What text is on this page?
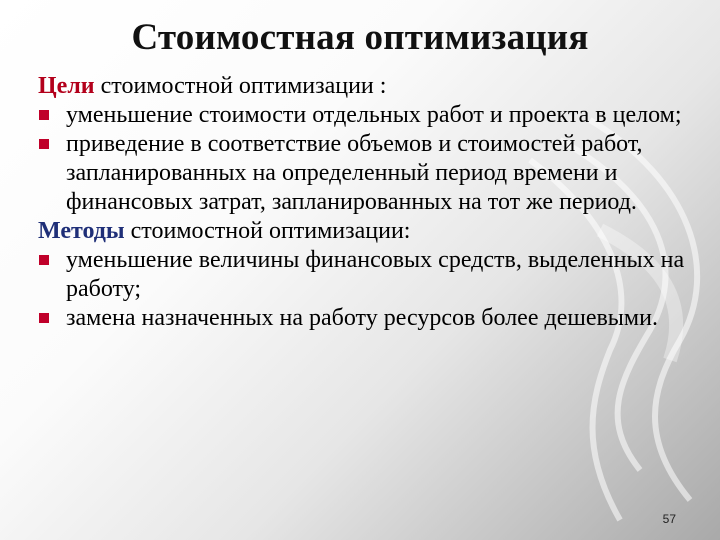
Стоимостная оптимизация

Цели стоимостной оптимизации :

уменьшение стоимости отдельных работ и проекта в целом;
приведение в соответствие объемов и стоимостей работ, запланированных на определенный период времени и финансовых затрат, запланированных на тот же период.

Методы стоимостной оптимизации:

уменьшение величины финансовых средств, выделенных на работу;
замена назначенных на работу ресурсов более дешевыми.
57
